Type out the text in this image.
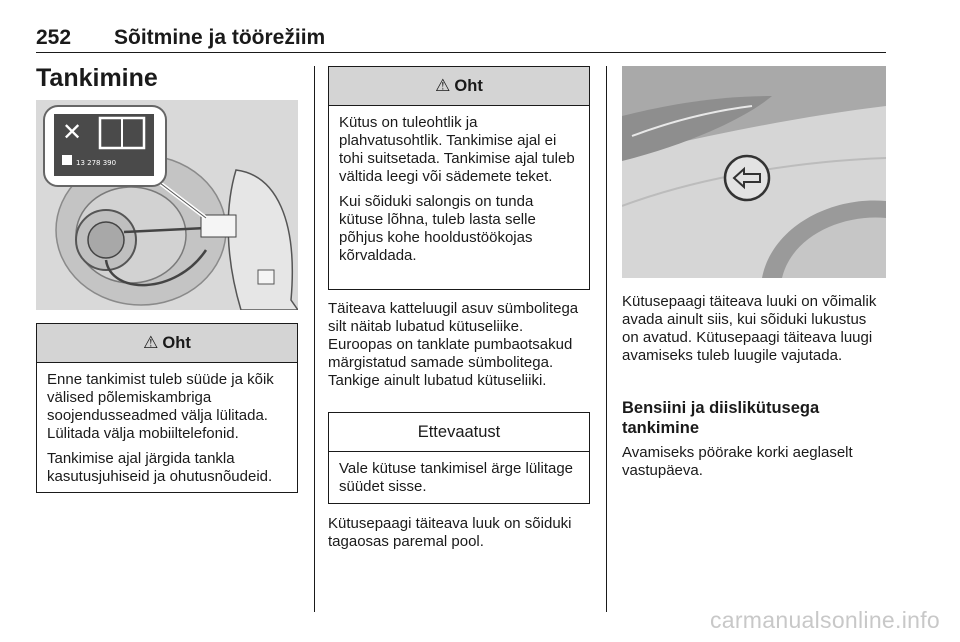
252 Sõitmine ja töörežiim
Tankimine
✕
13 278 390
⚠ Oht

Enne tankimist tuleb süüde ja kõik välised põlemiskambriga soojendusseadmed välja lülitada. Lülitada välja mobiiltelefonid.

Tankimise ajal järgida tankla kasutusjuhiseid ja ohutusnõudeid.

⚠ Oht

Kütus on tuleohtlik ja plahvatusohtlik. Tankimise ajal ei tohi suitsetada. Tankimise ajal tuleb vältida leegi või sädemete teket.

Kui sõiduki salongis on tunda kütuse lõhna, tuleb lasta selle põhjus kohe hooldustöökojas kõrvaldada.

Täiteava katteluugil asuv sümbolitega silt näitab lubatud kütuseliike. Euroopas on tanklate pumbaotsakud märgistatud samade sümbolitega. Tankige ainult lubatud kütuseliiki.
Ettevaatust

Vale kütuse tankimisel ärge lülitage süüdet sisse.

Kütusepaagi täiteava luuk on sõiduki tagaosas paremal pool.
Kütusepaagi täiteava luuki on võimalik avada ainult siis, kui sõiduki lukustus on avatud. Kütusepaagi täiteava luugi avamiseks tuleb luugile vajutada.
Bensiini ja diislikütusega tankimine
Avamiseks pöörake korki aeglaselt vastupäeva.
carmanualsonline.info
